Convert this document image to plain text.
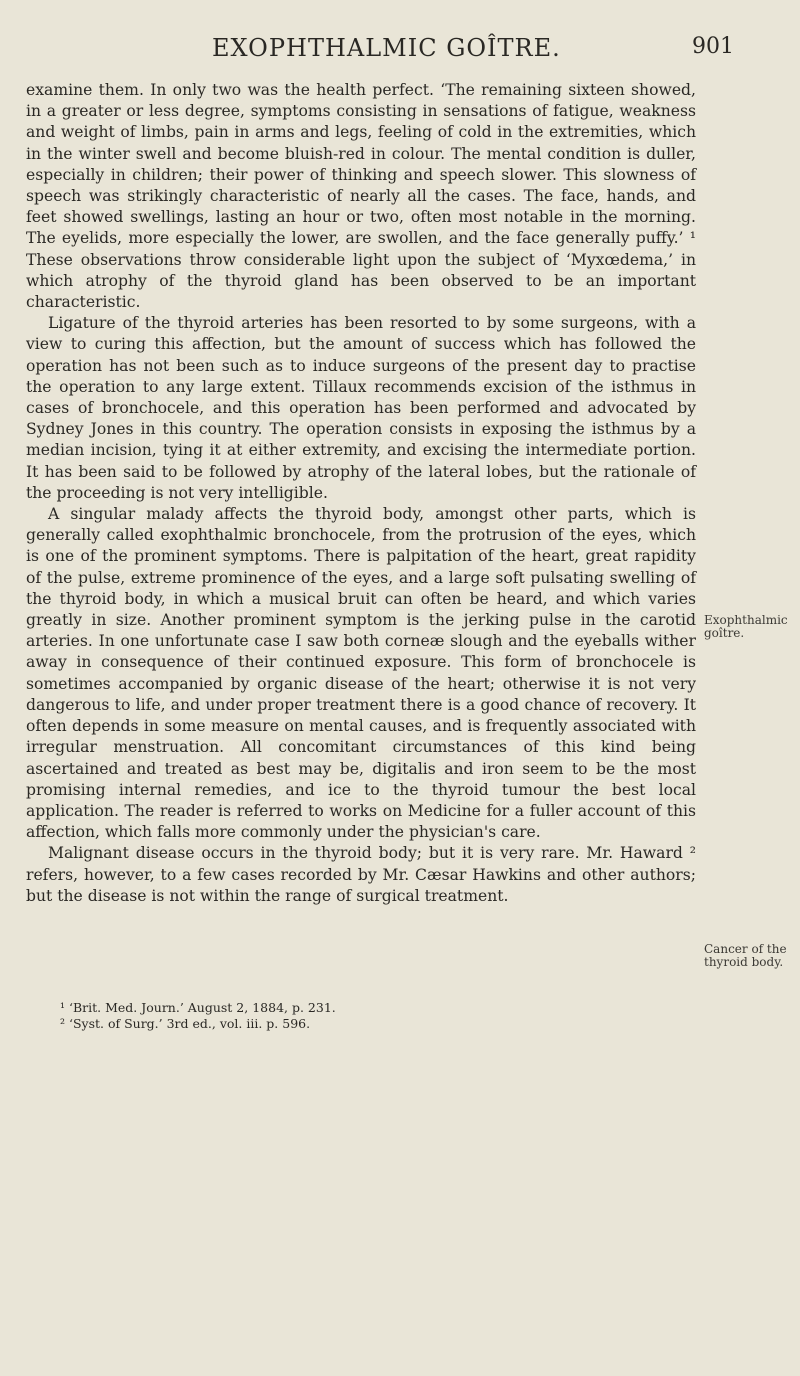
EXOPHTHALMIC GOÎTRE.	901

examine them. In only two was the health perfect. ‘The remaining sixteen showed, in a greater or less degree, symptoms consisting in sensations of fatigue, weakness and weight of limbs, pain in arms and legs, feeling of cold in the extremities, which in the winter swell and become bluish-red in colour. The mental condition is duller, especially in children; their power of thinking and speech slower. This slowness of speech was strikingly characteristic of nearly all the cases. The face, hands, and feet showed swellings, lasting an hour or two, often most notable in the morning. The eyelids, more especially the lower, are swollen, and the face generally puffy.’ ¹ These observations throw considerable light upon the subject of ‘Myxœdema,’ in which atrophy of the thyroid gland has been observed to be an important characteristic.

Ligature of the thyroid arteries has been resorted to by some surgeons, with a view to curing this affection, but the amount of success which has followed the operation has not been such as to induce surgeons of the present day to practise the operation to any large extent. Tillaux recommends excision of the isthmus in cases of bronchocele, and this operation has been performed and advocated by Sydney Jones in this country. The operation consists in exposing the isthmus by a median incision, tying it at either extremity, and excising the intermediate portion. It has been said to be followed by atrophy of the lateral lobes, but the rationale of the proceeding is not very intelligible.

A singular malady affects the thyroid body, amongst other parts, which is generally called exophthalmic bronchocele, from the protrusion of the eyes, which is one of the prominent symptoms. There is palpitation of the heart, great rapidity of the pulse, extreme prominence of the eyes, and a large soft pulsating swelling of the thyroid body, in which a musical bruit can often be heard, and which varies greatly in size. Another prominent symptom is the jerking pulse in the carotid arteries. In one unfortunate case I saw both corneæ slough and the eyeballs wither away in consequence of their continued exposure. This form of bronchocele is sometimes accompanied by organic disease of the heart; otherwise it is not very dangerous to life, and under proper treatment there is a good chance of recovery. It often depends in some measure on mental causes, and is frequently associated with irregular menstruation. All concomitant circumstances of this kind being ascertained and treated as best may be, digitalis and iron seem to be the most promising internal remedies, and ice to the thyroid tumour the best local application. The reader is referred to works on Medicine for a fuller account of this affection, which falls more commonly under the physician's care.

Malignant disease occurs in the thyroid body; but it is very rare. Mr. Haward ² refers, however, to a few cases recorded by Mr. Cæsar Hawkins and other authors; but the disease is not within the range of surgical treatment.

Exophthalmic goître.
Cancer of the thyroid body.
¹ ‘Brit. Med. Journ.’ August 2, 1884, p. 231.
² ‘Syst. of Surg.’ 3rd ed., vol. iii. p. 596.
